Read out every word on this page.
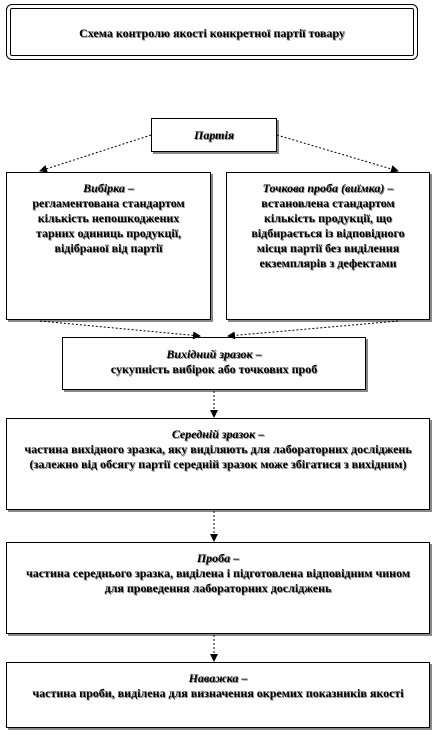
Схема контролю якості конкретної партії товару
Партія
Вибірка –
регламентована стандартом кількість непошкоджених тарних одиниць продукції, відібраної від партії
Точкова проба (виїмка) –
встановлена стандартом кількість продукції, що відбирається із відповідного місця партії без виділення екземплярів з дефектами
Вихідний зразок –
сукупність вибірок або точкових проб
Середній зразок –
частина вихідного зразка, яку виділяють для лабораторних досліджень (залежно від обсягу партії середній зразок може збігатися з вихідним)
Проба –
частина середнього зразка, виділена і підготовлена відповідним чином для проведення лабораторних досліджень
Наважка –
частина проби, виділена для визначення окремих показників якості
